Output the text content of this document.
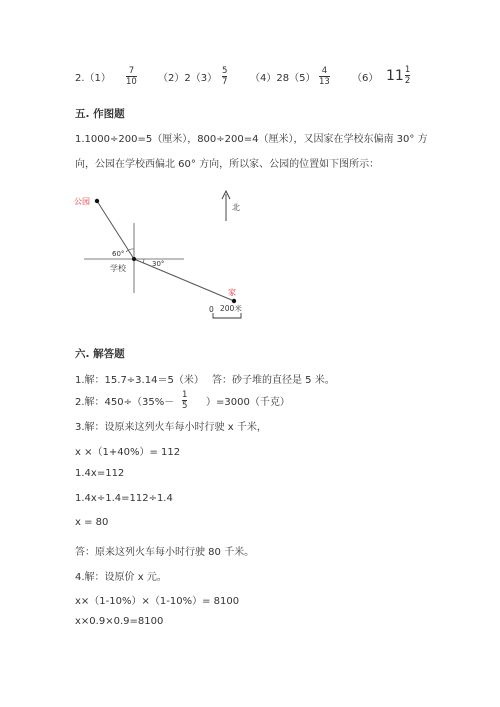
2.（1）
7
10 （2）2（3）
5
7 （4）28（5）
4
13 （6） $11 \frac{1}{2}$
五. 作图题
1.1000÷200=5（厘米），800÷200=4（厘米），又因家在学校东偏南 30° 方
向，公园在学校西偏北 60° 方向，所以家、公园的位置如下图所示：
公园
60°
30°
学校
家
北
0 200米
六. 解答题
1.解：15.7÷3.14＝5（米）　 答：砂子堆的直径是 5 米。
2.解：450÷（35%－
1
5 ）=3000（千克）
3.解：设原来这列火车每小时行驶 x 千米，
x ×（1+40%）= 112
1.4x=112
1.4x÷1.4=112÷1.4
x = 80
答：原来这列火车每小时行驶 80 千米。
4.解：设原价 x 元。
x×（1-10%）×（1-10%）= 8100
x×0.9×0.9=8100
